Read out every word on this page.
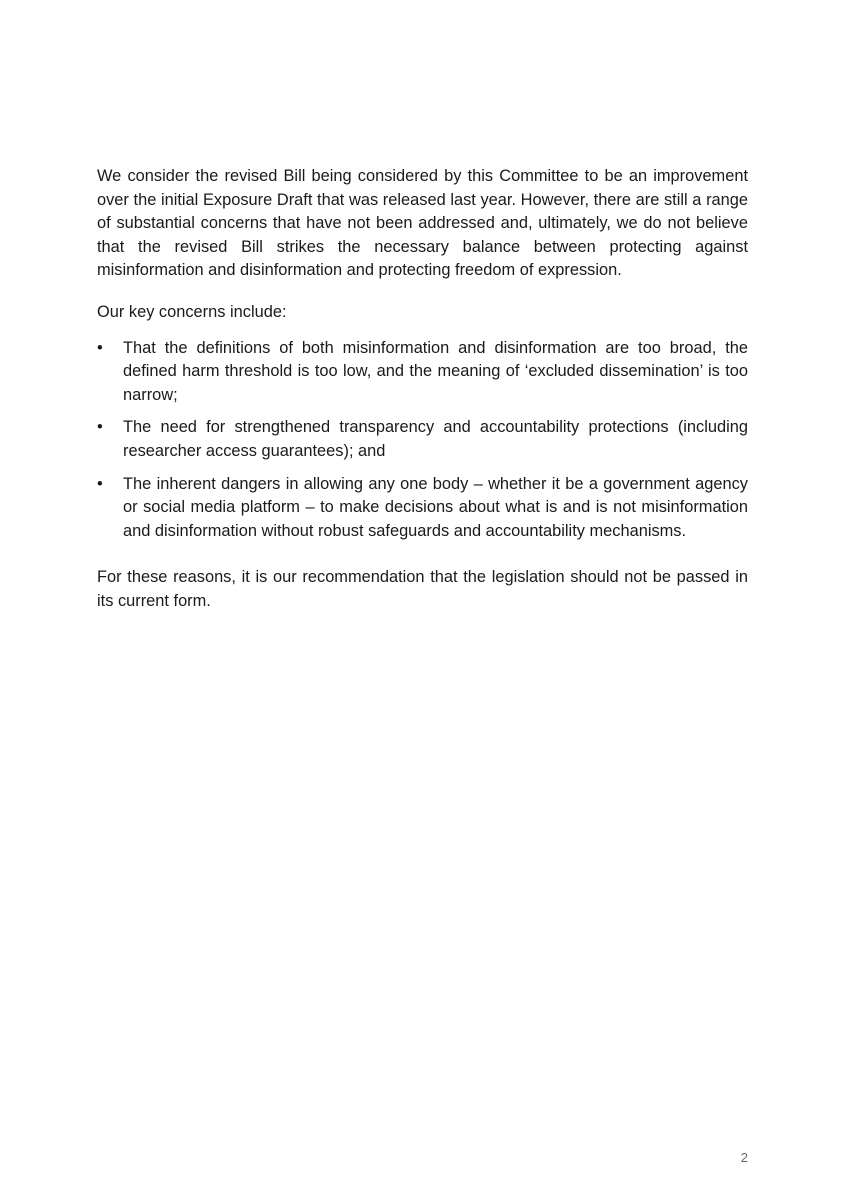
We consider the revised Bill being considered by this Committee to be an improvement over the initial Exposure Draft that was released last year. However, there are still a range of substantial concerns that have not been addressed and, ultimately, we do not believe that the revised Bill strikes the necessary balance between protecting against misinformation and disinformation and protecting freedom of expression.

Our key concerns include:

•	That the definitions of both misinformation and disinformation are too broad, the defined harm threshold is too low, and the meaning of ‘excluded dissemination’ is too narrow;
•	The need for strengthened transparency and accountability protections (including researcher access guarantees); and
•	The inherent dangers in allowing any one body – whether it be a government agency or social media platform – to make decisions about what is and is not misinformation and disinformation without robust safeguards and accountability mechanisms.

For these reasons, it is our recommendation that the legislation should not be passed in its current form.

2
